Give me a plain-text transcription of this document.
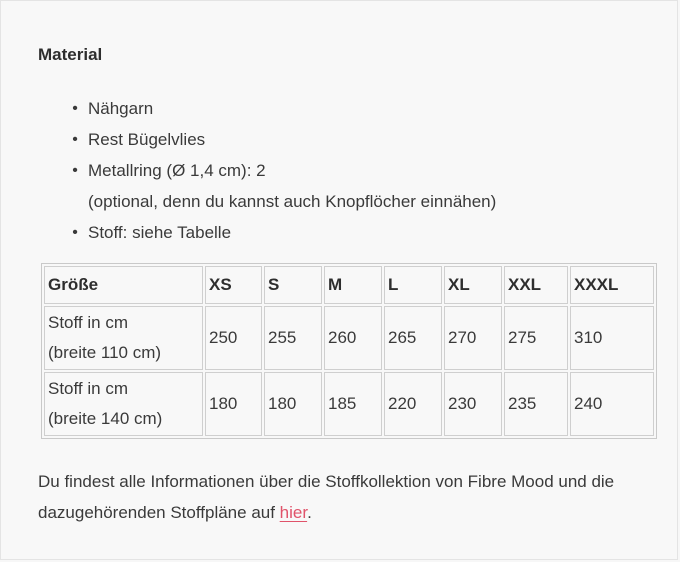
Material
• Nähgarn
• Rest Bügelvlies
• Metallring (Ø 1,4 cm): 2
(optional, denn du kannst auch Knopflöcher einnähen)
• Stoff: siehe Tabelle
Größe	XS	S	M	L	XL	XXL	XXXL
Stoff in cm
(breite 110 cm)	250	255	260	265	270	275	310
Stoff in cm
(breite 140 cm)	180	180	185	220	230	235	240

Du findest alle Informationen über die Stoffkollektion von Fibre Mood und die dazugehörenden Stoffpläne auf hier.
